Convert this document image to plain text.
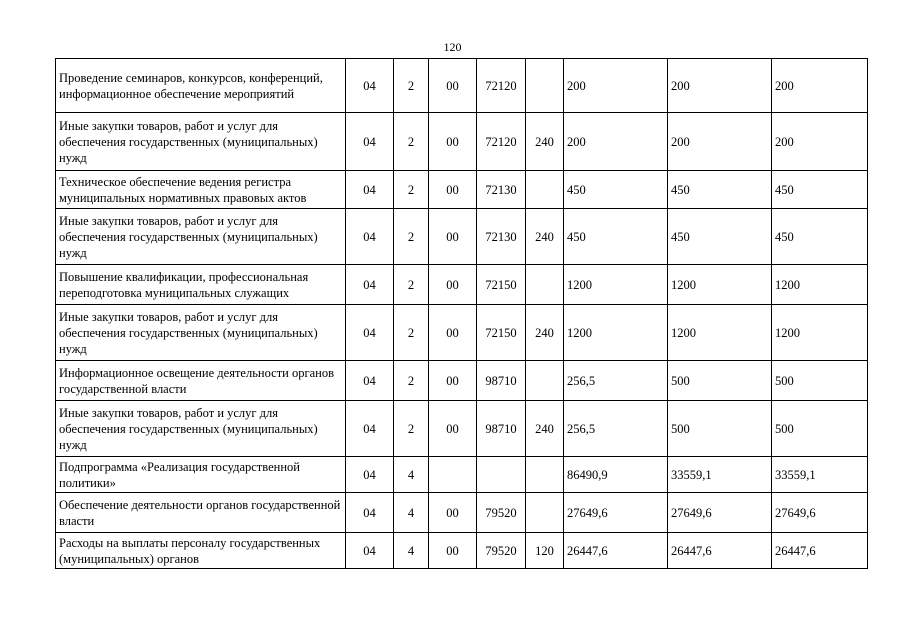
120
Проведение семинаров, конкурсов, конференций, информационное обеспечение мероприятий	04	2	00	72120		200	200	200
Иные закупки товаров, работ и услуг для обеспечения государственных (муниципальных) нужд	04	2	00	72120	240	200	200	200
Техническое обеспечение ведения регистра муниципальных нормативных правовых актов	04	2	00	72130		450	450	450
Иные закупки товаров, работ и услуг для обеспечения государственных (муниципальных) нужд	04	2	00	72130	240	450	450	450
Повышение квалификации, профессиональная переподготовка муниципальных служащих	04	2	00	72150		1200	1200	1200
Иные закупки товаров, работ и услуг для обеспечения государственных (муниципальных) нужд	04	2	00	72150	240	1200	1200	1200
Информационное освещение деятельности органов государственной власти	04	2	00	98710		256,5	500	500
Иные закупки товаров, работ и услуг для обеспечения государственных (муниципальных) нужд	04	2	00	98710	240	256,5	500	500
Подпрограмма «Реализация государственной политики»	04	4				86490,9	33559,1	33559,1
Обеспечение деятельности органов государственной власти	04	4	00	79520		27649,6	27649,6	27649,6
Расходы на выплаты персоналу государственных (муниципальных) органов	04	4	00	79520	120	26447,6	26447,6	26447,6
